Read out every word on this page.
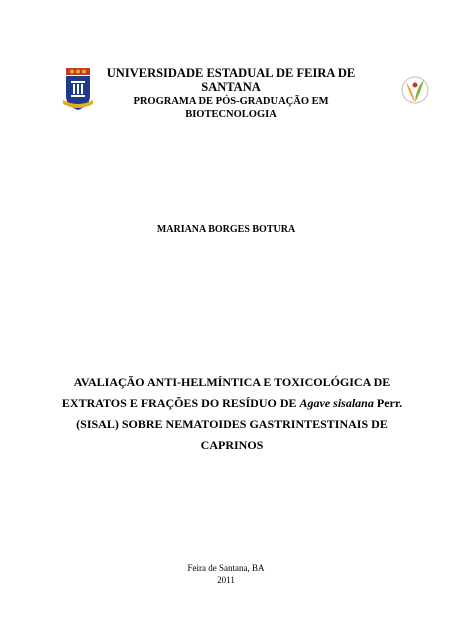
UNIVERSIDADE ESTADUAL DE FEIRA DE SANTANA
PROGRAMA DE PÓS-GRADUAÇÃO EM BIOTECNOLOGIA
MARIANA BORGES BOTURA
AVALIAÇÃO ANTI-HELMÍNTICA E TOXICOLÓGICA DE EXTRATOS E FRAÇÕES DO RESÍDUO DE Agave sisalana Perr. (SISAL) SOBRE NEMATOIDES GASTRINTESTINAIS DE CAPRINOS
Feira de Santana, BA
2011
